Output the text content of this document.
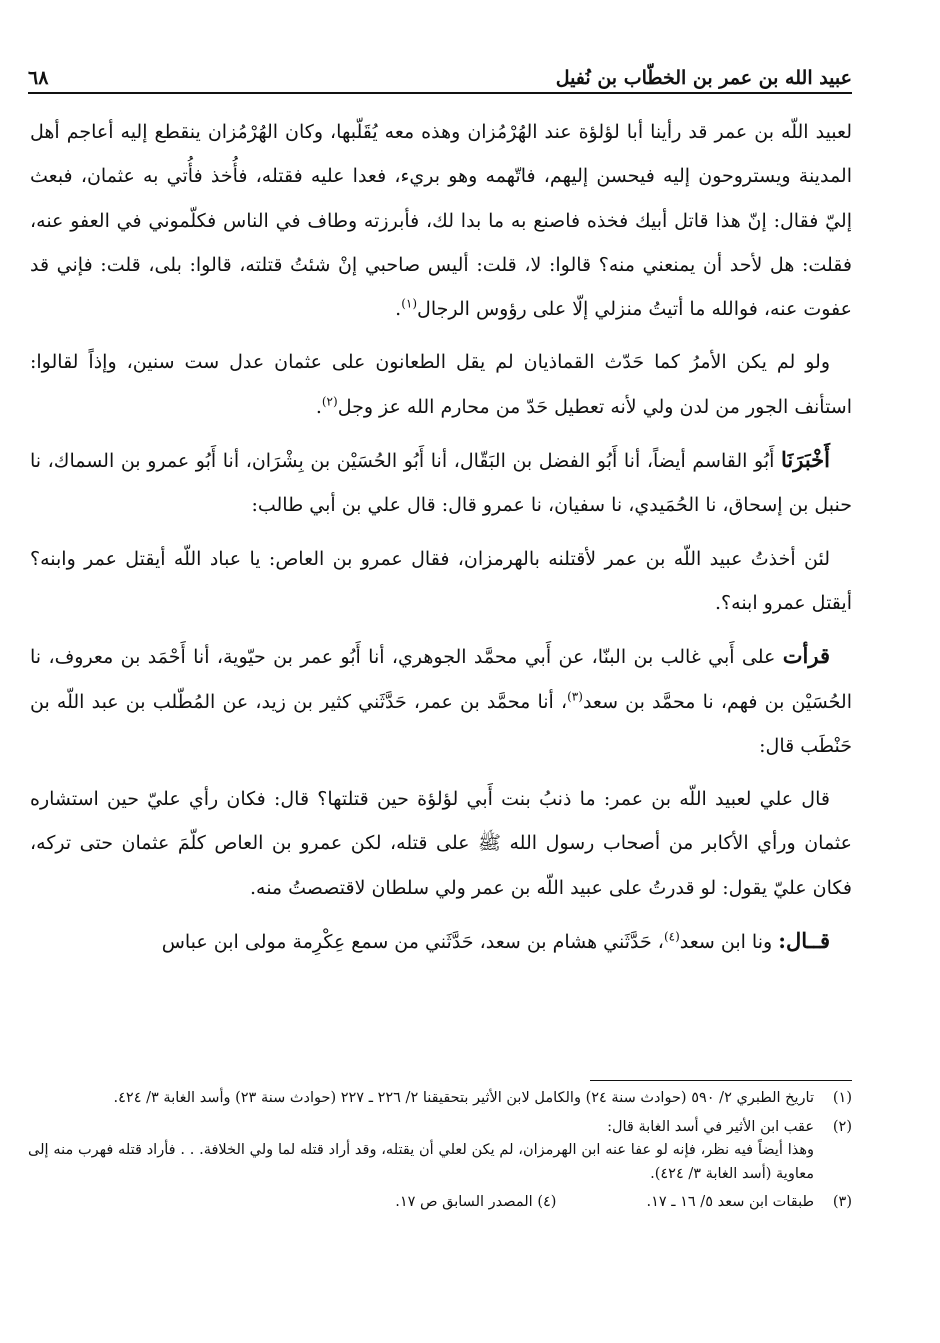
عبيد الله بن عمر بن الخطّاب بن نُفيل
٦٨

لعبيد اللّه بن عمر قد رأينا أبا لؤلؤة عند الهُرْمُزان وهذه معه يُقَلّبها، وكان الهُرْمُزان ينقطع إليه أعاجم أهل المدينة ويستروحون إليه فيحسن إليهم، فاتّهمه وهو بريء، فعدا عليه فقتله، فأُخذ فأُتي به عثمان، فبعث إليّ فقال: إنّ هذا قاتل أبيك فخذه فاصنع به ما بدا لك، فأبرزته وطاف في الناس فكلّموني في العفو عنه، فقلت: هل لأحد أن يمنعني منه؟ قالوا: لا، قلت: أليس صاحبي إنْ شئتُ قتلته، قالوا: بلى، قلت: فإني قد عفوت عنه، فوالله ما أتيتُ منزلي إلّا على رؤوس الرجال$^{(١)}$.

ولو لم يكن الأمرُ كما حَدّث القماذيان لم يقل الطعانون على عثمان عدل ست سنين، وإذاً لقالوا: استأنف الجور من لدن ولي لأنه تعطيل حَدّ من محارم الله عز وجل$^{(٢)}$.

أَخْبَرَنَا أَبُو القاسم أيضاً، أنا أَبُو الفضل بن البَقّال، أنا أَبُو الحُسَيْن بن بِشْرَان، أنا أَبُو عمرو بن السماك، نا حنبل بن إسحاق، نا الحُمَيدي، نا سفيان، نا عمرو قال: قال علي بن أبي طالب:

لئن أخذتُ عبيد اللّه بن عمر لأقتلنه بالهرمزان، فقال عمرو بن العاص: يا عباد اللّه أيقتل عمر وابنه؟ أيقتل عمرو ابنه؟.

قرأت على أَبي غالب بن البنّا، عن أَبي محمَّد الجوهري، أنا أَبُو عمر بن حيّوية، أنا أَحْمَد بن معروف، نا الحُسَيْن بن فهم، نا محمَّد بن سعد$^{(٣)}$، أنا محمَّد بن عمر، حَدَّثَني كثير بن زيد، عن المُطّلب بن عبد اللّه بن حَنْطَب قال:

قال علي لعبيد اللّه بن عمر: ما ذنبُ بنت أَبي لؤلؤة حين قتلتها؟ قال: فكان رأي عليّ حين استشاره عثمان ورأي الأكابر من أصحاب رسول الله ﷺ على قتله، لكن عمرو بن العاص كلّمَ عثمان حتى تركه، فكان عليّ يقول: لو قدرتُ على عبيد اللّه بن عمر ولي سلطان لاقتصصتُ منه.

قــال: ونا ابن سعد$^{(٤)}$، حَدَّثَني هشام بن سعد، حَدَّثَني من سمع عِكْرِمة مولى ابن عباس

(١)
تاريخ الطبري ٢/ ٥٩٠ (حوادث سنة ٢٤) والكامل لابن الأثير بتحقيقنا ٢/ ٢٢٦ ـ ٢٢٧ (حوادث سنة ٢٣) وأسد الغابة ٣/ ٤٢٤.
(٢)
عقب ابن الأثير في أسد الغابة قال:
وهذا أيضاً فيه نظر، فإنه لو عفا عنه ابن الهرمزان، لم يكن لعلي أن يقتله، وقد أراد قتله لما ولي الخلافة. . . فأراد قتله فهرب منه إلى معاوية (أسد الغابة ٣/ ٤٢٤).
(٣)
طبقات ابن سعد ٥/ ١٦ ـ ١٧.
(٤) المصدر السابق ص ١٧.
